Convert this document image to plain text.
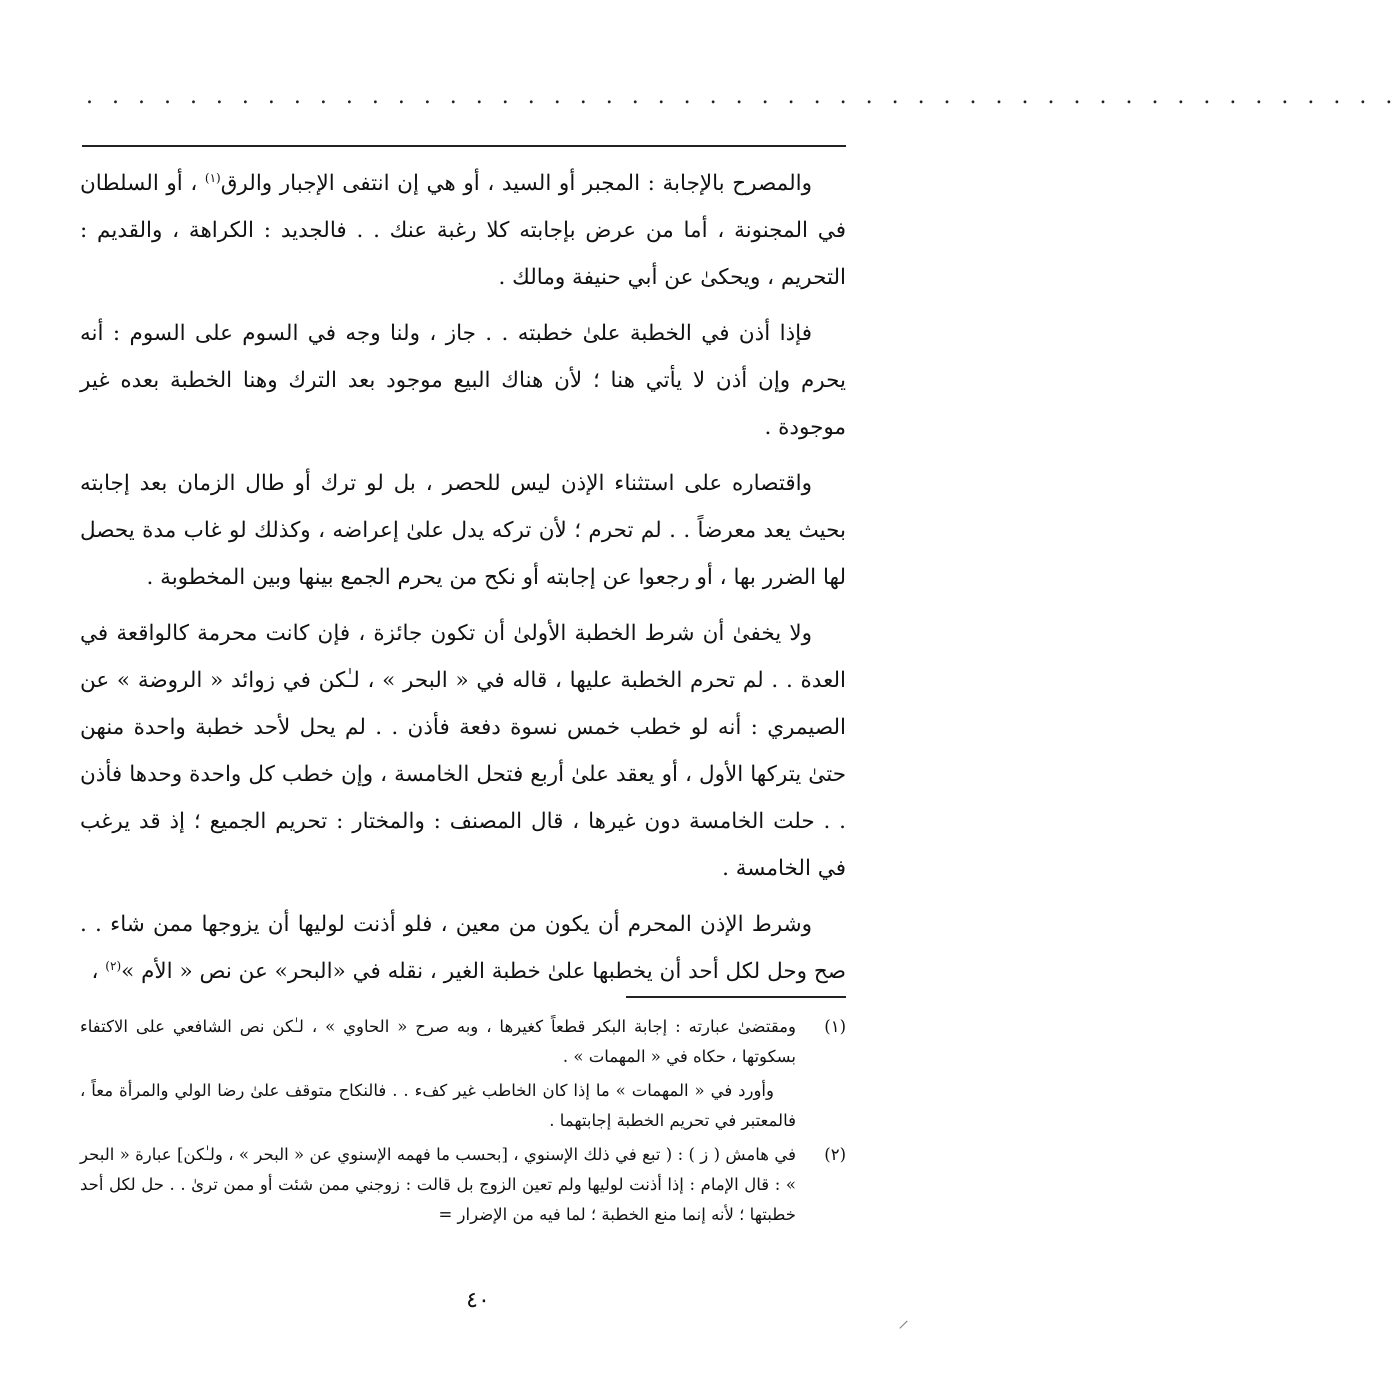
. . . . . . . . . . . . . . . . . . . . . . . . . . . . . . . . . . . . . . . . . . . . . . . . . . .

والمصرح بالإجابة : المجبر أو السيد ، أو هي إن انتفى الإجبار والرق$^{(١)}$ ، أو السلطان في المجنونة ، أما من عرض بإجابته كلا رغبة عنك . . فالجديد : الكراهة ، والقديم : التحريم ، ويحكىٰ عن أبي حنيفة ومالك .

فإذا أذن في الخطبة علىٰ خطبته . . جاز ، ولنا وجه في السوم على السوم : أنه يحرم وإن أذن لا يأتي هنا ؛ لأن هناك البيع موجود بعد الترك وهنا الخطبة بعده غير موجودة .

واقتصاره على استثناء الإذن ليس للحصر ، بل لو ترك أو طال الزمان بعد إجابته بحيث يعد معرضاً . . لم تحرم ؛ لأن تركه يدل علىٰ إعراضه ، وكذلك لو غاب مدة يحصل لها الضرر بها ، أو رجعوا عن إجابته أو نكح من يحرم الجمع بينها وبين المخطوبة .

ولا يخفىٰ أن شرط الخطبة الأولىٰ أن تكون جائزة ، فإن كانت محرمة كالواقعة في العدة . . لم تحرم الخطبة عليها ، قاله في « البحر » ، لـٰكن في زوائد « الروضة » عن الصيمري : أنه لو خطب خمس نسوة دفعة فأذن . . لم يحل لأحد خطبة واحدة منهن حتىٰ يتركها الأول ، أو يعقد علىٰ أربع فتحل الخامسة ، وإن خطب كل واحدة وحدها فأذن . . حلت الخامسة دون غيرها ، قال المصنف : والمختار : تحريم الجميع ؛ إذ قد يرغب في الخامسة .

وشرط الإذن المحرم أن يكون من معين ، فلو أذنت لوليها أن يزوجها ممن شاء . . صح وحل لكل أحد أن يخطبها علىٰ خطبة الغير ، نقله في «البحر» عن نص « الأم »$^{(٢)}$ ،

(١)
ومقتضىٰ عبارته : إجابة البكر قطعاً كغيرها ، وبه صرح « الحاوي » ، لـٰكن نص الشافعي على الاكتفاء بسكوتها ، حكاه في « المهمات » .
وأورد في « المهمات » ما إذا كان الخاطب غير كفء . . فالنكاح متوقف علىٰ رضا الولي والمرأة معاً ، فالمعتبر في تحريم الخطبة إجابتهما .
(٢)
في هامش ( ز ) : ( تبع في ذلك الإسنوي ، [بحسب ما فهمه الإسنوي عن « البحر » ، ولـٰكن] عبارة « البحر » : قال الإمام : إذا أذنت لوليها ولم تعين الزوج بل قالت : زوجني ممن شئت أو ممن ترىٰ . . حل لكل أحد خطبتها ؛ لأنه إنما منع الخطبة ؛ لما فيه من الإضرار =
٤٠
⸝
